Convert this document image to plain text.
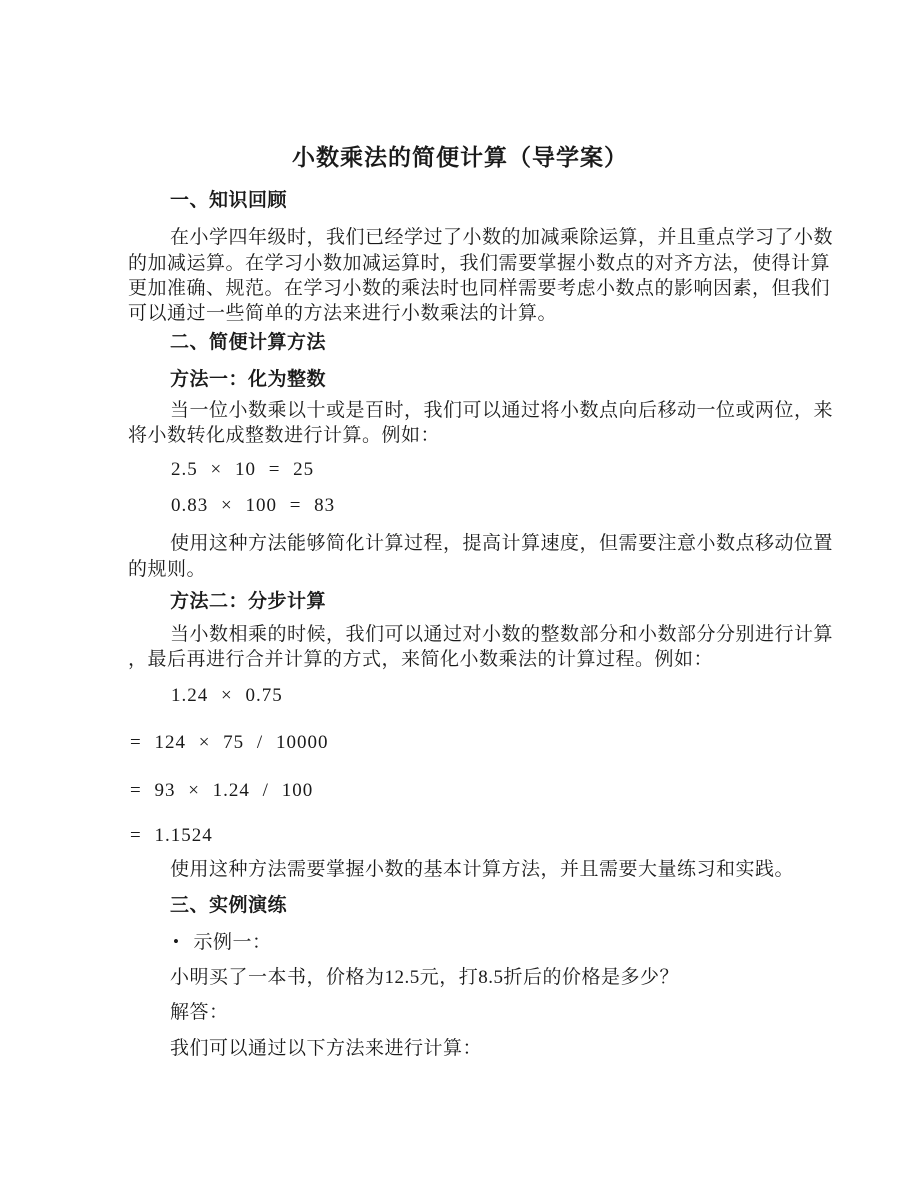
小数乘法的简便计算（导学案）
一、知识回顾
在小学四年级时，我们已经学过了小数的加减乘除运算，并且重点学习了小数
的加减运算。在学习小数加减运算时，我们需要掌握小数点的对齐方法，使得计算
更加准确、规范。在学习小数的乘法时也同样需要考虑小数点的影响因素，但我们
可以通过一些简单的方法来进行小数乘法的计算。
二、简便计算方法
方法一：化为整数
当一位小数乘以十或是百时，我们可以通过将小数点向后移动一位或两位，来
将小数转化成整数进行计算。例如：
2.5 × 10 = 25
0.83 × 100 = 83
使用这种方法能够简化计算过程，提高计算速度，但需要注意小数点移动位置
的规则。
方法二：分步计算
当小数相乘的时候，我们可以通过对小数的整数部分和小数部分分别进行计算
，最后再进行合并计算的方式，来简化小数乘法的计算过程。例如：
1.24 × 0.75
= 124 × 75 / 10000
= 93 × 1.24 / 100
= 1.1524
使用这种方法需要掌握小数的基本计算方法，并且需要大量练习和实践。
三、实例演练
• 示例一：
小明买了一本书，价格为12.5元，打8.5折后的价格是多少？
解答：
我们可以通过以下方法来进行计算：
